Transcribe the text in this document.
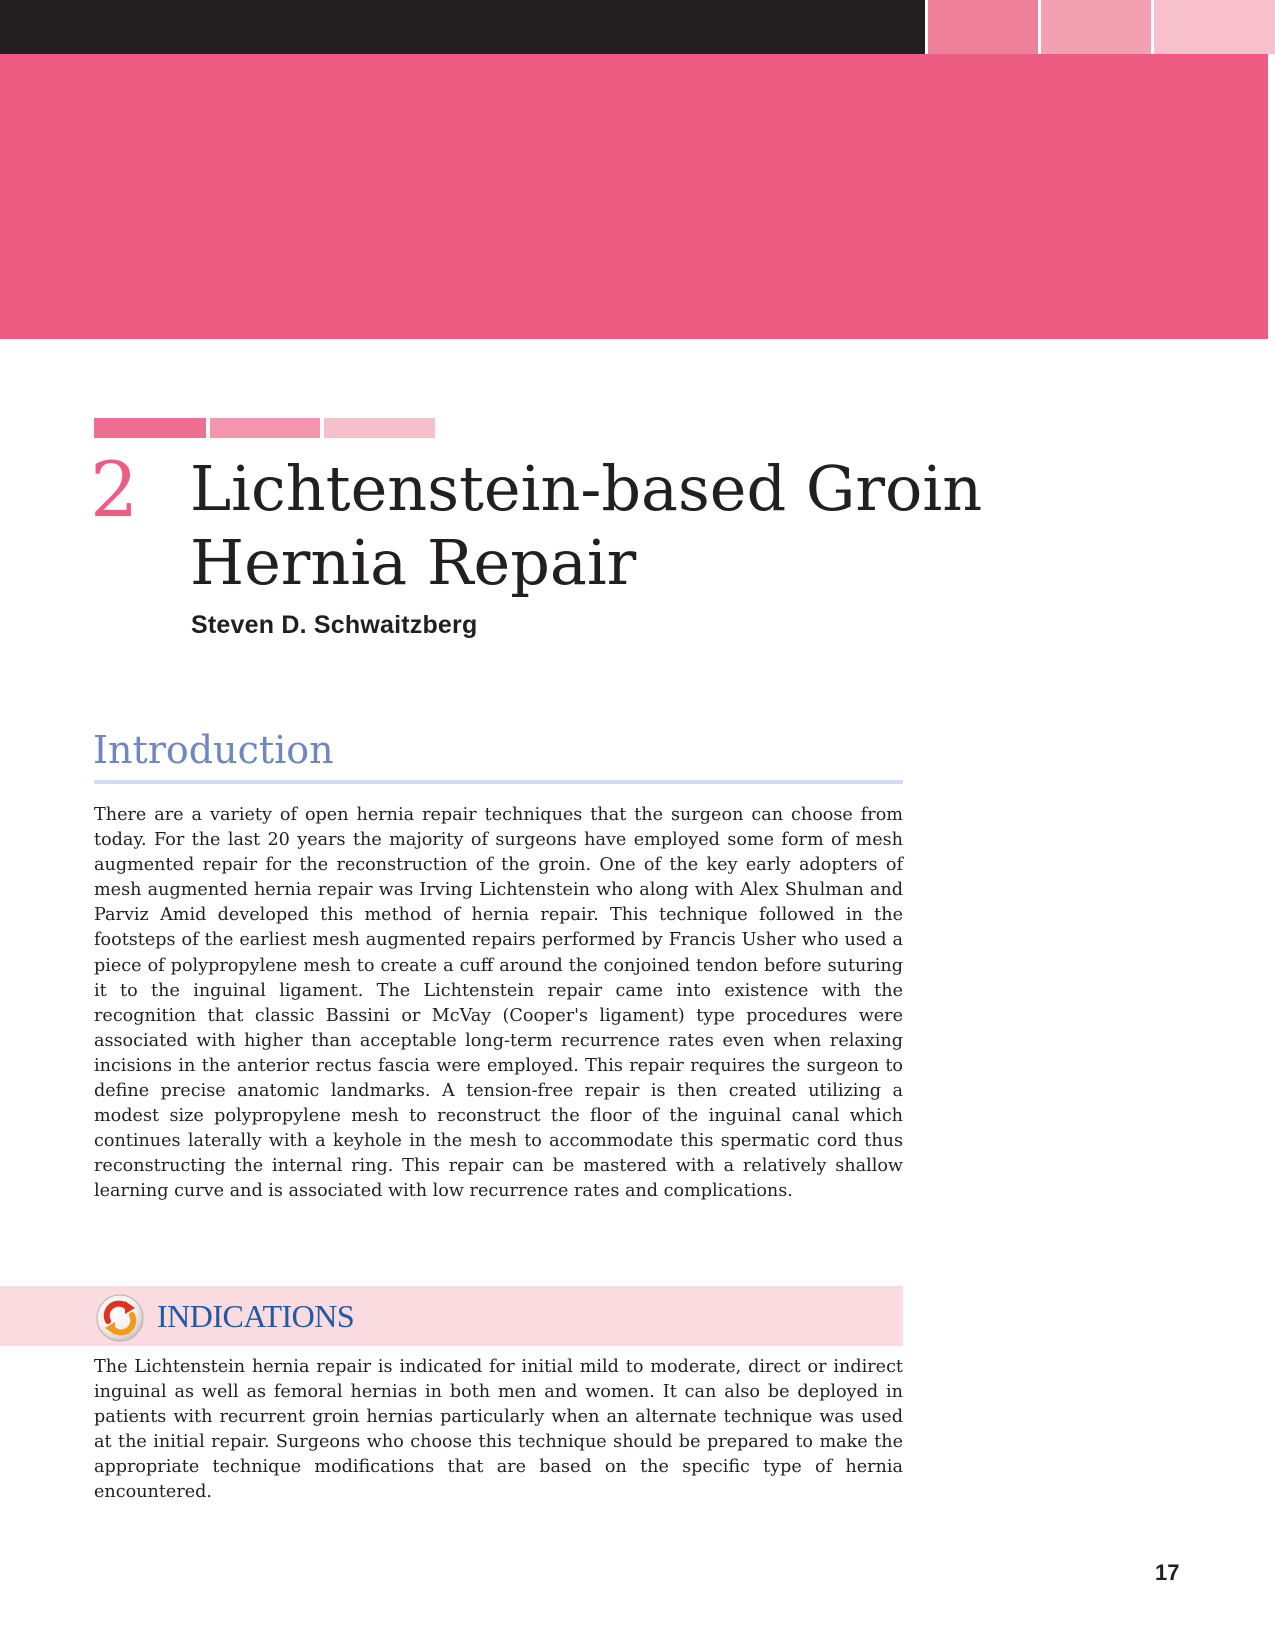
2 Lichtenstein-based Groin
Hernia Repair
Steven D. Schwaitzberg
Introduction
There are a variety of open hernia repair techniques that the surgeon can choose from today. For the last 20 years the majority of surgeons have employed some form of mesh augmented repair for the reconstruction of the groin. One of the key early adopters of mesh augmented hernia repair was Irving Lichtenstein who along with Alex Shulman and Parviz Amid developed this method of hernia repair. This technique followed in the footsteps of the earliest mesh augmented repairs performed by Francis Usher who used a piece of polypropylene mesh to create a cuff around the conjoined tendon before suturing it to the inguinal ligament. The Lichtenstein repair came into existence with the recognition that classic Bassini or McVay (Cooper's ligament) type procedures were associated with higher than acceptable long-term recurrence rates even when relaxing incisions in the anterior rectus fascia were employed. This repair requires the surgeon to define precise anatomic landmarks. A tension-free repair is then created utilizing a modest size polypropylene mesh to reconstruct the floor of the inguinal canal which continues laterally with a keyhole in the mesh to accommodate this spermatic cord thus reconstructing the internal ring. This repair can be mastered with a relatively shallow learning curve and is associated with low recurrence rates and complications.
INDICATIONS
The Lichtenstein hernia repair is indicated for initial mild to moderate, direct or indirect inguinal as well as femoral hernias in both men and women. It can also be deployed in patients with recurrent groin hernias particularly when an alternate technique was used at the initial repair. Surgeons who choose this technique should be prepared to make the appropriate technique modifications that are based on the specific type of hernia encountered.
17
